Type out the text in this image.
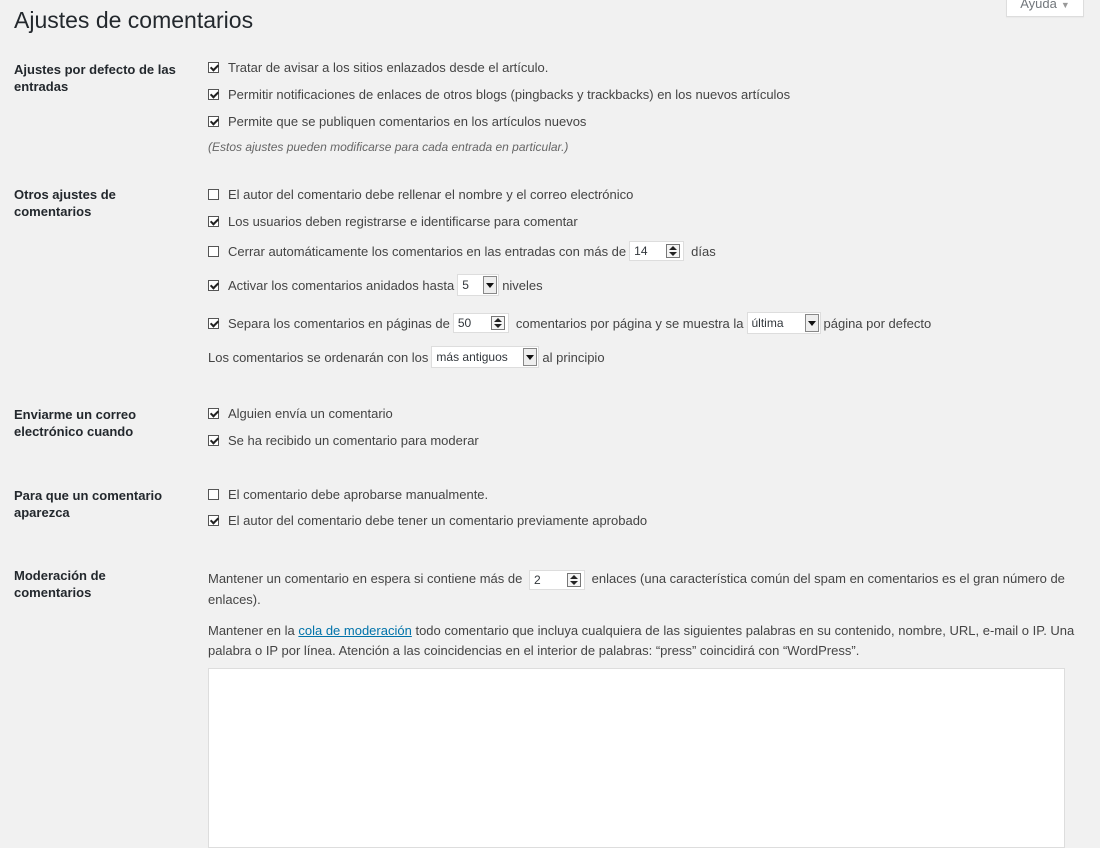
Ayuda ▼
Ajustes de comentarios
Ajustes por defecto de las entradas
Tratar de avisar a los sitios enlazados desde el artículo.
Permitir notificaciones de enlaces de otros blogs (pingbacks y trackbacks) en los nuevos artículos
Permite que se publiquen comentarios en los artículos nuevos
(Estos ajustes pueden modificarse para cada entrada en particular.)
Otros ajustes de comentarios
El autor del comentario debe rellenar el nombre y el correo electrónico
Los usuarios deben registrarse e identificarse para comentar
Cerrar automáticamente los comentarios en las entradas con más de 14	días
Activar los comentarios anidados hasta 5	niveles
Separa los comentarios en páginas de 50	comentarios por página y se muestra la última	página por defecto
Los comentarios se ordenarán con los más antiguos	al principio
Enviarme un correo electrónico cuando
Alguien envía un comentario
Se ha recibido un comentario para moderar
Para que un comentario aparezca
El comentario debe aprobarse manualmente.
El autor del comentario debe tener un comentario previamente aprobado
Moderación de comentarios
Mantener un comentario en espera si contiene más de 2	enlaces (una característica común del spam en comentarios es el gran número de enlaces).
Mantener en la cola de moderación todo comentario que incluya cualquiera de las siguientes palabras en su contenido, nombre, URL, e-mail o IP. Una palabra o IP por línea. Atención a las coincidencias en el interior de palabras: “press” coincidirá con “WordPress”.
